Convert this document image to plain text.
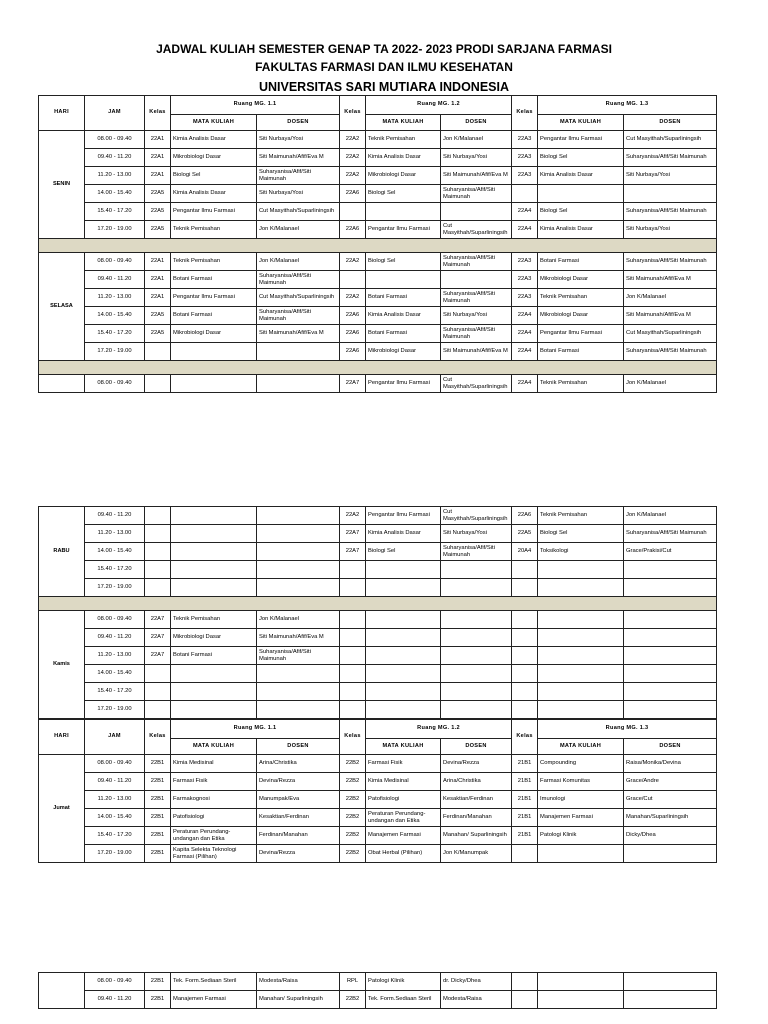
JADWAL KULIAH SEMESTER GENAP TA 2022- 2023 PRODI SARJANA FARMASI
FAKULTAS FARMASI DAN ILMU KESEHATAN
UNIVERSITAS SARI MUTIARA INDONESIA
HARI	JAM	Kelas	Ruang MG. 1.1		Kelas	Ruang MG. 1.2		Kelas	Ruang MG. 1.3	
			MATA KULIAH	DOSEN		MATA KULIAH	DOSEN		MATA KULIAH	DOSEN
SENIN	08.00 - 09.40	22A1	Kimia Analisis Dasar	Siti Nurbaya/Yosi	22A2	Teknik Pemisahan	Jon K/Malanael	22A3	Pengantar Ilmu Farmasi	Cut Masyithah/Suparliningsih
	09.40 - 11.20	22A1	Mikrobiologi Dasar	Siti Maimunah/Afif/Eva M	22A2	Kimia Analisis Dasar	Siti Nurbaya/Yosi	22A3	Biologi Sel	Suharyanisa/Afif/Siti Maimunah
	11.20 - 13.00	22A1	Biologi Sel	Suharyanisa/Afif/Siti Maimunah	22A2	Mikrobiologi Dasar	Siti Maimunah/Afif/Eva M	22A3	Kimia Analisis Dasar	Siti Nurbaya/Yosi
	14.00 - 15.40	22A5	Kimia Analisis Dasar	Siti Nurbaya/Yosi	22A6	Biologi Sel	Suharyanisa/Afif/Siti Maimunah			
	15.40 - 17.20	22A5	Pengantar Ilmu Farmasi	Cut Masyithah/Suparliningsih				22A4	Biologi Sel	Suharyanisa/Afif/Siti Maimunah
	17.20 - 19.00	22A5	Teknik Pemisahan	Jon K/Malanael	22A6	Pengantar Ilmu Farmasi	Cut Masyithah/Suparliningsih	22A4	Kimia Analisis Dasar	Siti Nurbaya/Yosi

SELASA	08.00 - 09.40	22A1	Teknik Pemisahan	Jon K/Malanael	22A2	Biologi Sel	Suharyanisa/Afif/Siti Maimunah	22A3	Botani Farmasi	Suharyanisa/Afif/Siti Maimunah
	09.40 - 11.20	22A1	Botani Farmasi	Suharyanisa/Afif/Siti Maimunah				22A3	Mikrobiologi Dasar	Siti Maimunah/Afif/Eva M
	11.20 - 13.00	22A1	Pengantar Ilmu Farmasi	Cut Masyithah/Suparliningsih	22A2	Botani Farmasi	Suharyanisa/Afif/Siti Maimunah	22A3	Teknik Pemisahan	Jon K/Malanael
	14.00 - 15.40	22A5	Botani Farmasi	Suharyanisa/Afif/Siti Maimunah	22A6	Kimia Analisis Dasar	Siti Nurbaya/Yosi	22A4	Mikrobiologi Dasar	Siti Maimunah/Afif/Eva M
	15.40 - 17.20	22A5	Mikrobiologi Dasar	Siti Maimunah/Afif/Eva M	22A6	Botani Farmasi	Suharyanisa/Afif/Siti Maimunah	22A4	Pengantar Ilmu Farmasi	Cut Masyithah/Suparliningsih
	17.20 - 19.00				22A6	Mikrobiologi Dasar	Siti Maimunah/Afif/Eva M	22A4	Botani Farmasi	Suharyanisa/Afif/Siti Maimunah

	08.00 - 09.40				22A7	Pengantar Ilmu Farmasi	Cut Masyithah/Suparliningsih	22A4	Teknik Pemisahan	Jon K/Malanael
RABU	09.40 - 11.20				22A2	Pengantar Ilmu Farmasi	Cut Masyithah/Suparliningsih	22A6	Teknik Pemisahan	Jon K/Malanael
	11.20 - 13.00				22A7	Kimia Analisis Dasar	Siti Nurbaya/Yosi	22A5	Biologi Sel	Suharyanisa/Afif/Siti Maimunah
	14.00 - 15.40				22A7	Biologi Sel	Suharyanisa/Afif/Siti Maimunah	20A4	Toksikologi	Grace/Prakisi/Cut
	15.40 - 17.20									
	17.20 - 19.00									

Kamis	08.00 - 09.40	22A7	Teknik Pemisahan	Jon K/Malanael						
	09.40 - 11.20	22A7	Mikrobiologi Dasar	Siti Maimunah/Afif/Eva M						
	11.20 - 13.00	22A7	Botani Farmasi	Suharyanisa/Afif/Siti Maimunah						
	14.00 - 15.40									
	15.40 - 17.20									
	17.20 - 19.00									
	08.00 - 09.40	22B1	Tek. Form.Sediaan Steril	Modesta/Raisa	RPL	Patologi Klinik	dr. Dicky/Dhea			
	09.40 - 11.20	22B1	Manajemen Farmasi	Manahan/ Suparliningsih	22B2	Tek. Form.Sediaan Steril	Modesta/Raisa			
HARI	JAM	Kelas	Ruang MG. 1.1		Kelas	Ruang MG. 1.2		Kelas	Ruang MG. 1.3	
			MATA KULIAH	DOSEN		MATA KULIAH	DOSEN		MATA KULIAH	DOSEN
Jumat	08.00 - 09.40	22B1	Kimia Medisinal	Arina/Christika	22B2	Farmasi Fisik	Devina/Rezza	21B1	Compounding	Raisa/Monika/Devina
	09.40 - 11.20	22B1	Farmasi Fisik	Devina/Rezza	22B2	Kimia Medisinal	Arina/Christika	21B1	Farmasi Komunitas	Grace/Andre
	11.20 - 13.00	22B1	Farmakognosi	Manumpak/Eva	22B2	Patofisiologi	Kesaktian/Ferdinan	21B1	Imunologi	Grace/Cut
	14.00 - 15.40	22B1	Patofisiologi	Kesaktian/Ferdinan	22B2	Peraturan Perundang-undangan dan Etika	Ferdinan/Manahan	21B1	Manajemen Farmasi	Manahan/Suparliningsih
	15.40 - 17.20	22B1	Peraturan Perundang-undangan dan Etika	Ferdinan/Manahan	22B2	Manajemen Farmasi	Manahan/ Suparliningsih	21B1	Patologi Klinik	Dicky/Dhea
	17.20 - 19.00	22B1	Kapita Selekta Teknologi Farmasi (Pilihan)	Devina/Rezza	22B2	Obat Herbal (Pilihan)	Jon K/Manumpak			
